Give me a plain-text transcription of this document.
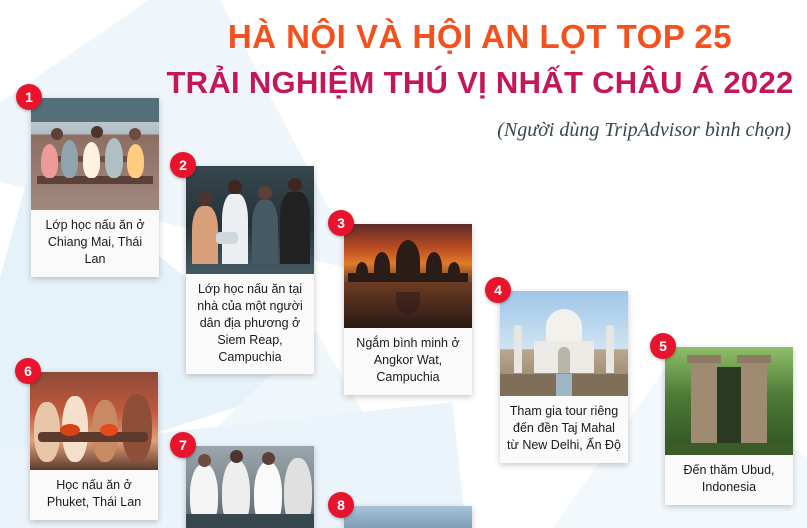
HÀ NỘI VÀ HỘI AN LỌT TOP 25
TRẢI NGHIỆM THÚ VỊ NHẤT CHÂU Á 2022
(Người dùng TripAdvisor bình chọn)
1
Lớp học nấu ăn ở Chiang Mai, Thái Lan
2
Lớp học nấu ăn tại nhà của một người dân địa phương ở Siem Reap, Campuchia
3
Ngắm bình minh ở Angkor Wat, Campuchia
4
Tham gia tour riêng đến đền Taj Mahal từ New Delhi, Ấn Độ
5
Đến thăm Ubud, Indonesia
6
Học nấu ăn ở Phuket, Thái Lan
7
8
